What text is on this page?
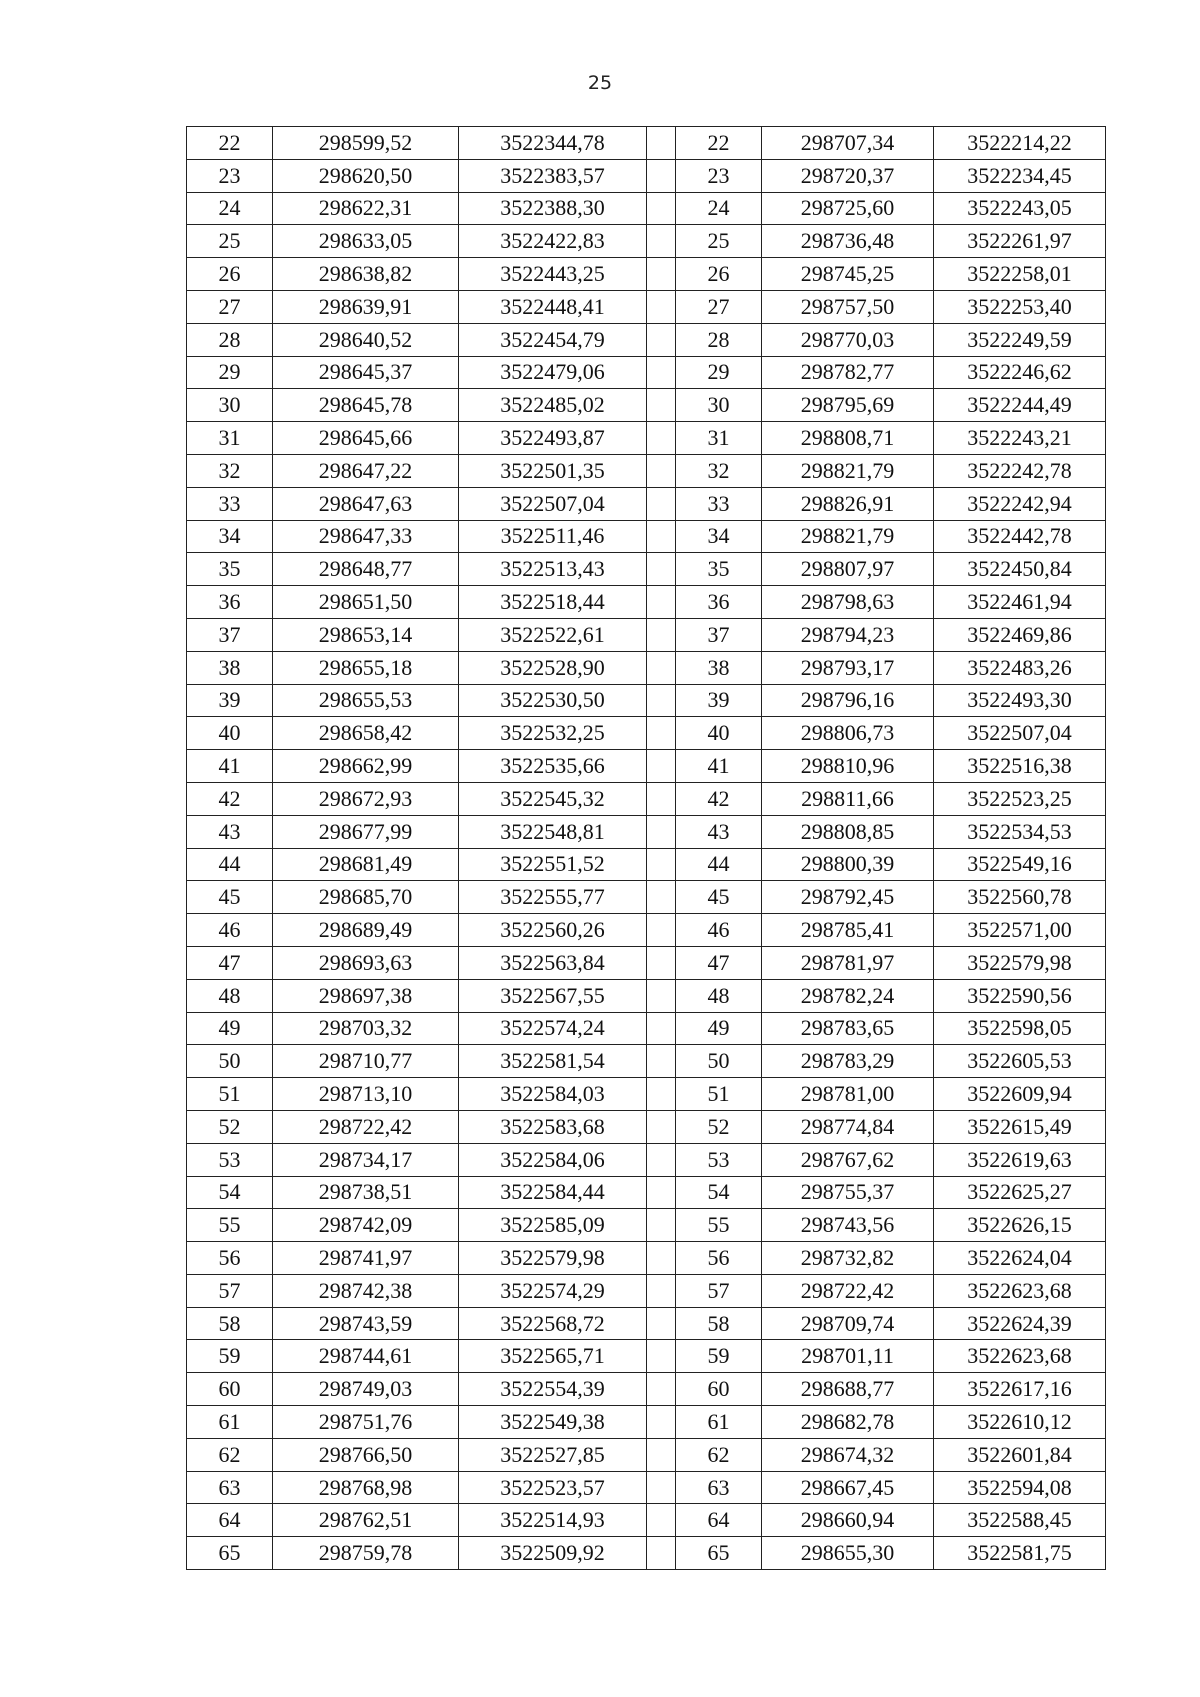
25
22	298599,52	3522344,78		22	298707,34	3522214,22
23	298620,50	3522383,57		23	298720,37	3522234,45
24	298622,31	3522388,30		24	298725,60	3522243,05
25	298633,05	3522422,83		25	298736,48	3522261,97
26	298638,82	3522443,25		26	298745,25	3522258,01
27	298639,91	3522448,41		27	298757,50	3522253,40
28	298640,52	3522454,79		28	298770,03	3522249,59
29	298645,37	3522479,06		29	298782,77	3522246,62
30	298645,78	3522485,02		30	298795,69	3522244,49
31	298645,66	3522493,87		31	298808,71	3522243,21
32	298647,22	3522501,35		32	298821,79	3522242,78
33	298647,63	3522507,04		33	298826,91	3522242,94
34	298647,33	3522511,46		34	298821,79	3522442,78
35	298648,77	3522513,43		35	298807,97	3522450,84
36	298651,50	3522518,44		36	298798,63	3522461,94
37	298653,14	3522522,61		37	298794,23	3522469,86
38	298655,18	3522528,90		38	298793,17	3522483,26
39	298655,53	3522530,50		39	298796,16	3522493,30
40	298658,42	3522532,25		40	298806,73	3522507,04
41	298662,99	3522535,66		41	298810,96	3522516,38
42	298672,93	3522545,32		42	298811,66	3522523,25
43	298677,99	3522548,81		43	298808,85	3522534,53
44	298681,49	3522551,52		44	298800,39	3522549,16
45	298685,70	3522555,77		45	298792,45	3522560,78
46	298689,49	3522560,26		46	298785,41	3522571,00
47	298693,63	3522563,84		47	298781,97	3522579,98
48	298697,38	3522567,55		48	298782,24	3522590,56
49	298703,32	3522574,24		49	298783,65	3522598,05
50	298710,77	3522581,54		50	298783,29	3522605,53
51	298713,10	3522584,03		51	298781,00	3522609,94
52	298722,42	3522583,68		52	298774,84	3522615,49
53	298734,17	3522584,06		53	298767,62	3522619,63
54	298738,51	3522584,44		54	298755,37	3522625,27
55	298742,09	3522585,09		55	298743,56	3522626,15
56	298741,97	3522579,98		56	298732,82	3522624,04
57	298742,38	3522574,29		57	298722,42	3522623,68
58	298743,59	3522568,72		58	298709,74	3522624,39
59	298744,61	3522565,71		59	298701,11	3522623,68
60	298749,03	3522554,39		60	298688,77	3522617,16
61	298751,76	3522549,38		61	298682,78	3522610,12
62	298766,50	3522527,85		62	298674,32	3522601,84
63	298768,98	3522523,57		63	298667,45	3522594,08
64	298762,51	3522514,93		64	298660,94	3522588,45
65	298759,78	3522509,92		65	298655,30	3522581,75
